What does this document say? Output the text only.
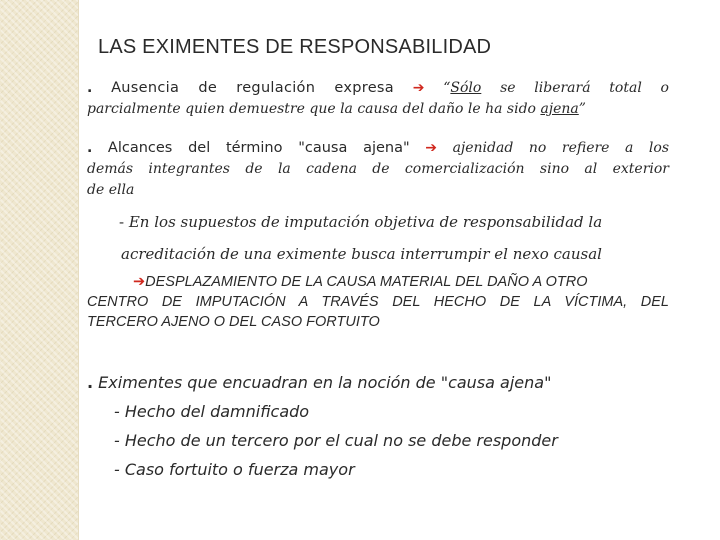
LAS EXIMENTES DE RESPONSABILIDAD
. Ausencia de regulación expresa ➔ “Sólo se liberará total o
parcialmente quien demuestre que la causa del daño le ha sido ajena”
. Alcances del término "causa ajena" ➔ ajenidad no refiere a los
demás integrantes de la cadena de comercialización sino al exterior
de ella
- En los supuestos de imputación objetiva de responsabilidad la
acreditación de una eximente busca interrumpir el nexo causal
➔DESPLAZAMIENTO DE LA CAUSA MATERIAL DEL DAÑO A OTRO
CENTRO DE IMPUTACIÓN A TRAVÉS DEL HECHO DE LA VÍCTIMA, DEL
TERCERO AJENO O DEL CASO FORTUITO
. Eximentes que encuadran en la noción de "causa ajena"
- Hecho del damnificado
- Hecho de un tercero por el cual no se debe responder
- Caso fortuito o fuerza mayor
